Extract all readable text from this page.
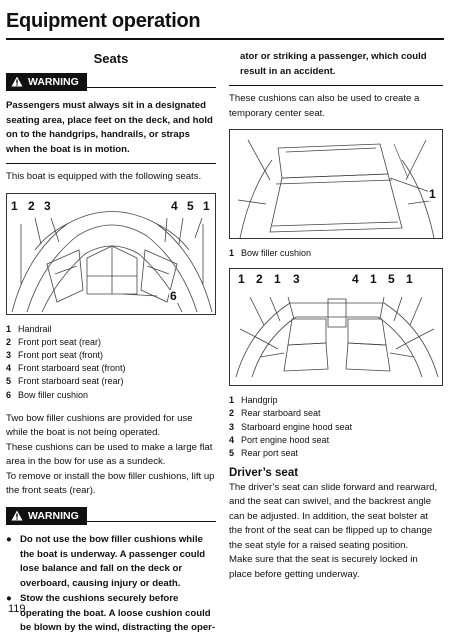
Equipment operation
Seats
WARNING

Passengers must always sit in a designated seating area, place feet on the deck, and hold on to the handgrips, handrails, or straps when the boat is in motion.

This boat is equipped with the following seats.

1 2 3	4 5 1
6
1 Handrail
2 Front port seat (rear)
3 Front port seat (front)
4 Front starboard seat (front)
5 Front starboard seat (rear)
6 Bow filler cushion

Two bow filler cushions are provided for use while the boat is not being operated.

These cushions can be used to make a large flat area in the bow for use as a sundeck.

To remove or install the bow filler cushions, lift up the front seats (rear).

WARNING
● Do not use the bow filler cushions while the boat is underway. A passenger could lose balance and fall on the deck or overboard, causing injury or death.
● Stow the cushions securely before operating the boat. A loose cushion could be blown by the wind, distracting the oper-

ator or striking a passenger, which could result in an accident.

These cushions can also be used to create a temporary center seat.

1
1 Bow filler cushion
1 2 1 3	4 1 5 1
1 Handgrip
2 Rear starboard seat
3 Starboard engine hood seat
4 Port engine hood seat
5 Rear port seat
Driver’s seat

The driver’s seat can slide forward and rearward, and the seat can swivel, and the backrest angle can be adjusted. In addition, the seat bolster at the front of the seat can be flipped up to change the seat style for a raised seating position.

Make sure that the seat is securely locked in place before getting underway.

119
